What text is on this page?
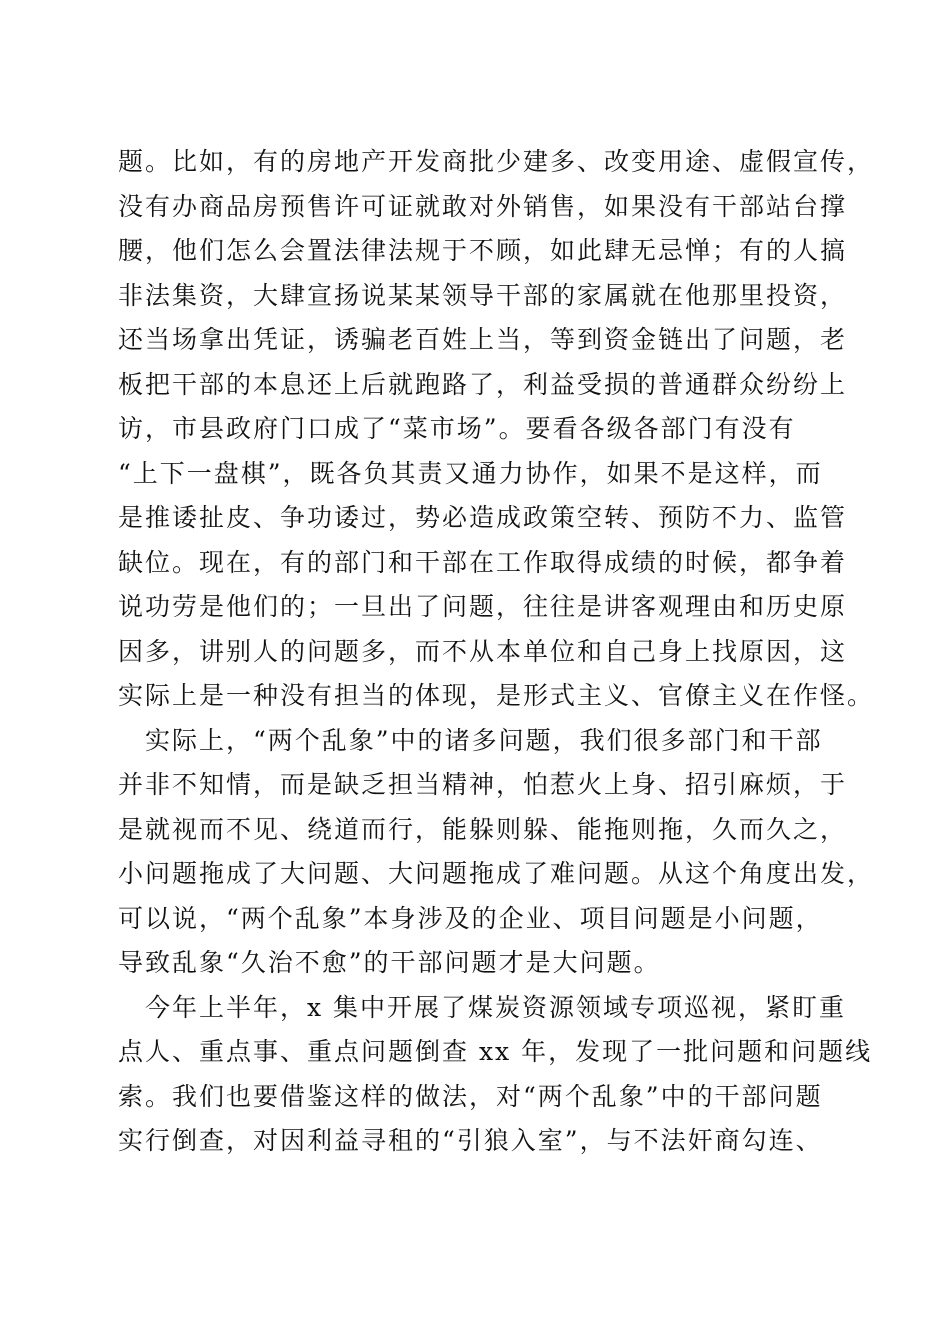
题。比如，有的房地产开发商批少建多、改变用途、虚假宣传，
没有办商品房预售许可证就敢对外销售，如果没有干部站台撑
腰，他们怎么会置法律法规于不顾，如此肆无忌惮；有的人搞
非法集资，大肆宣扬说某某领导干部的家属就在他那里投资，
还当场拿出凭证，诱骗老百姓上当，等到资金链出了问题，老
板把干部的本息还上后就跑路了，利益受损的普通群众纷纷上
访，市县政府门口成了“菜市场”。要看各级各部门有没有
“上下一盘棋”，既各负其责又通力协作，如果不是这样，而
是推诿扯皮、争功诿过，势必造成政策空转、预防不力、监管
缺位。现在，有的部门和干部在工作取得成绩的时候，都争着
说功劳是他们的；一旦出了问题，往往是讲客观理由和历史原
因多，讲别人的问题多，而不从本单位和自己身上找原因，这
实际上是一种没有担当的体现，是形式主义、官僚主义在作怪。
　实际上，“两个乱象”中的诸多问题，我们很多部门和干部
并非不知情，而是缺乏担当精神，怕惹火上身、招引麻烦，于
是就视而不见、绕道而行，能躲则躲、能拖则拖，久而久之，
小问题拖成了大问题、大问题拖成了难问题。从这个角度出发，
可以说，“两个乱象”本身涉及的企业、项目问题是小问题，
导致乱象“久治不愈”的干部问题才是大问题。
　今年上半年，x 集中开展了煤炭资源领域专项巡视，紧盯重
点人、重点事、重点问题倒查 xx 年，发现了一批问题和问题线
索。我们也要借鉴这样的做法，对“两个乱象”中的干部问题
实行倒查，对因利益寻租的“引狼入室”，与不法奸商勾连、
